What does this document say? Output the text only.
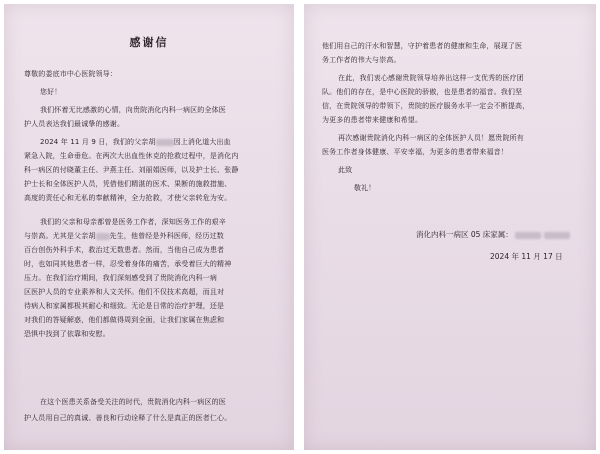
感谢信
尊敬的娄底市中心医院领导：
您好！
我们怀着无比感激的心情，向贵院消化内科一病区的全体医
护人员表达我们最诚挚的感谢。
2024 年 11 月 9 日，我们的父亲胡	因上消化道大出血
紧急入院，生命垂危。在两次大出血性休克的抢救过程中，是消化内
科一病区的付晓董主任、尹燕主任、刘丽娟医师，以及护士长、张静
护士长和全体医护人员，凭借他们精湛的医术、果断的施救措施、
高度的责任心和无私的奉献精神，全力抢救，才使父亲转危为安。
我们的父亲和母亲都曾是医务工作者，深知医务工作的艰辛
与崇高。尤其是父亲胡 先生，他曾经是外科医师，经历过数
百台创伤外科手术，救治过无数患者。然而，当他自己成为患者
时，也如同其他患者一样，忍受着身体的痛苦，承受着巨大的精神
压力。在我们治疗期间，我们深刻感受到了贵院消化内科一病
区医护人员的专业素养和人文关怀。他们不仅技术高超，而且对
待病人和家属都极其耐心和细致。无论是日常的治疗护理，还是
对我们的答疑解惑，他们都做得周到全面，让我们家属在焦虑和
恐惧中找到了依靠和安慰。
在这个医患关系备受关注的时代，贵院消化内科一病区的医
护人员用自己的真诚、善良和行动诠释了什么是真正的医者仁心。
他们用自己的汗水和智慧，守护着患者的健康和生命，展现了医
务工作者的伟大与崇高。
在此，我们衷心感谢贵院领导培养出这样一支优秀的医疗团
队。他们的存在，是中心医院的骄傲，也是患者的福音。我们坚
信，在贵院领导的带领下，贵院的医疗服务水平一定会不断提高，
为更多的患者带来健康和希望。
再次感谢贵院消化内科一病区的全体医护人员！愿贵院所有
医务工作者身体健康、平安幸福，为更多的患者带来福音！
此致
敬礼！
消化内科一病区 05 床家属：
2024 年 11 月 17 日
